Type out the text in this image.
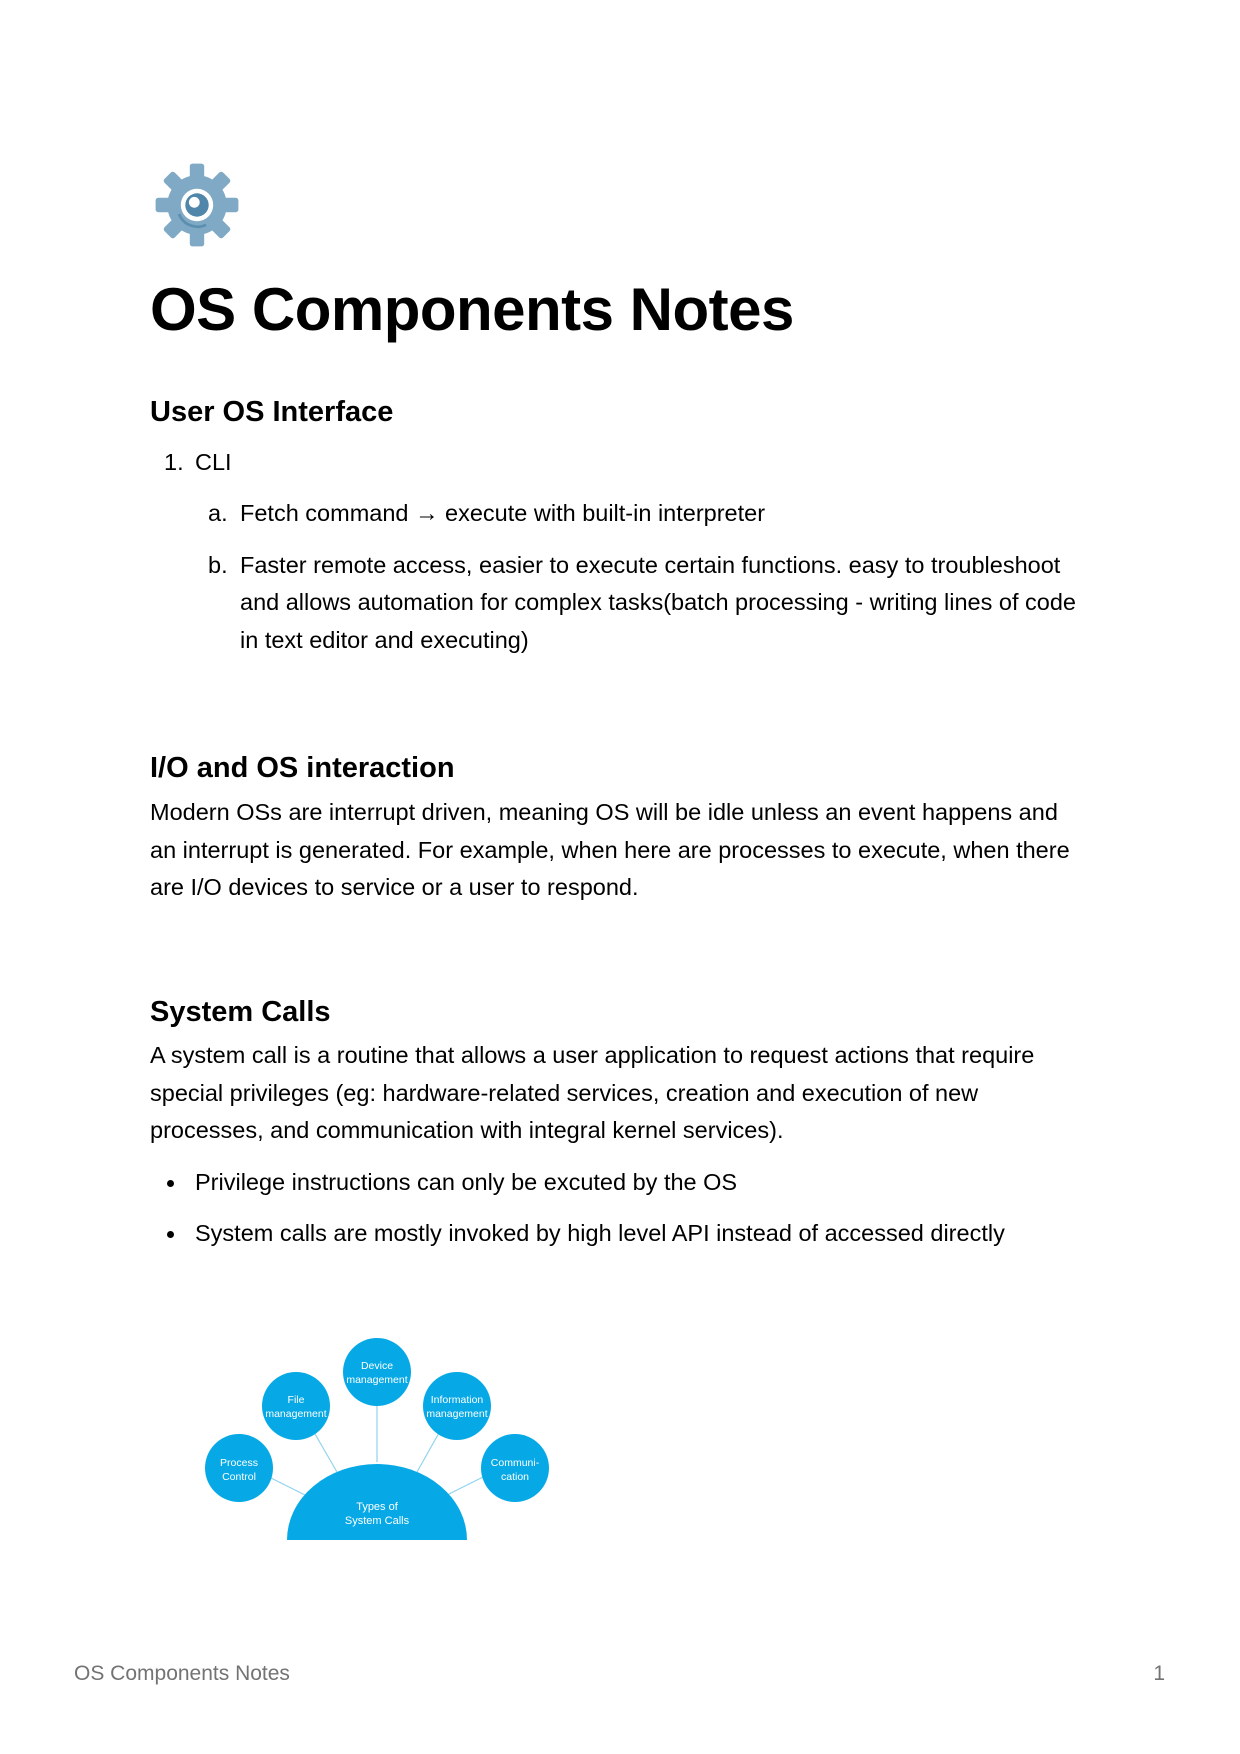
OS Components Notes
User OS Interface
1. CLI
a. Fetch command → execute with built-in interpreter
b. Faster remote access, easier to execute certain functions. easy to troubleshoot and allows automation for complex tasks(batch processing - writing lines of code in text editor and executing)
I/O and OS interaction

Modern OSs are interrupt driven, meaning OS will be idle unless an event happens and an interrupt is generated. For example, when here are processes to execute, when there are I/O devices to service or a user to respond.

System Calls

A system call is a routine that allows a user application to request actions that require special privileges (eg: hardware-related services, creation and execution of new processes, and communication with integral kernel services).

Privilege instructions can only be excuted by the OS
System calls are mostly invoked by high level API instead of accessed directly
Types of
System Calls
Process
Control
File
management
Device
management
Information
management
Communi-
cation
OS Components Notes	1
